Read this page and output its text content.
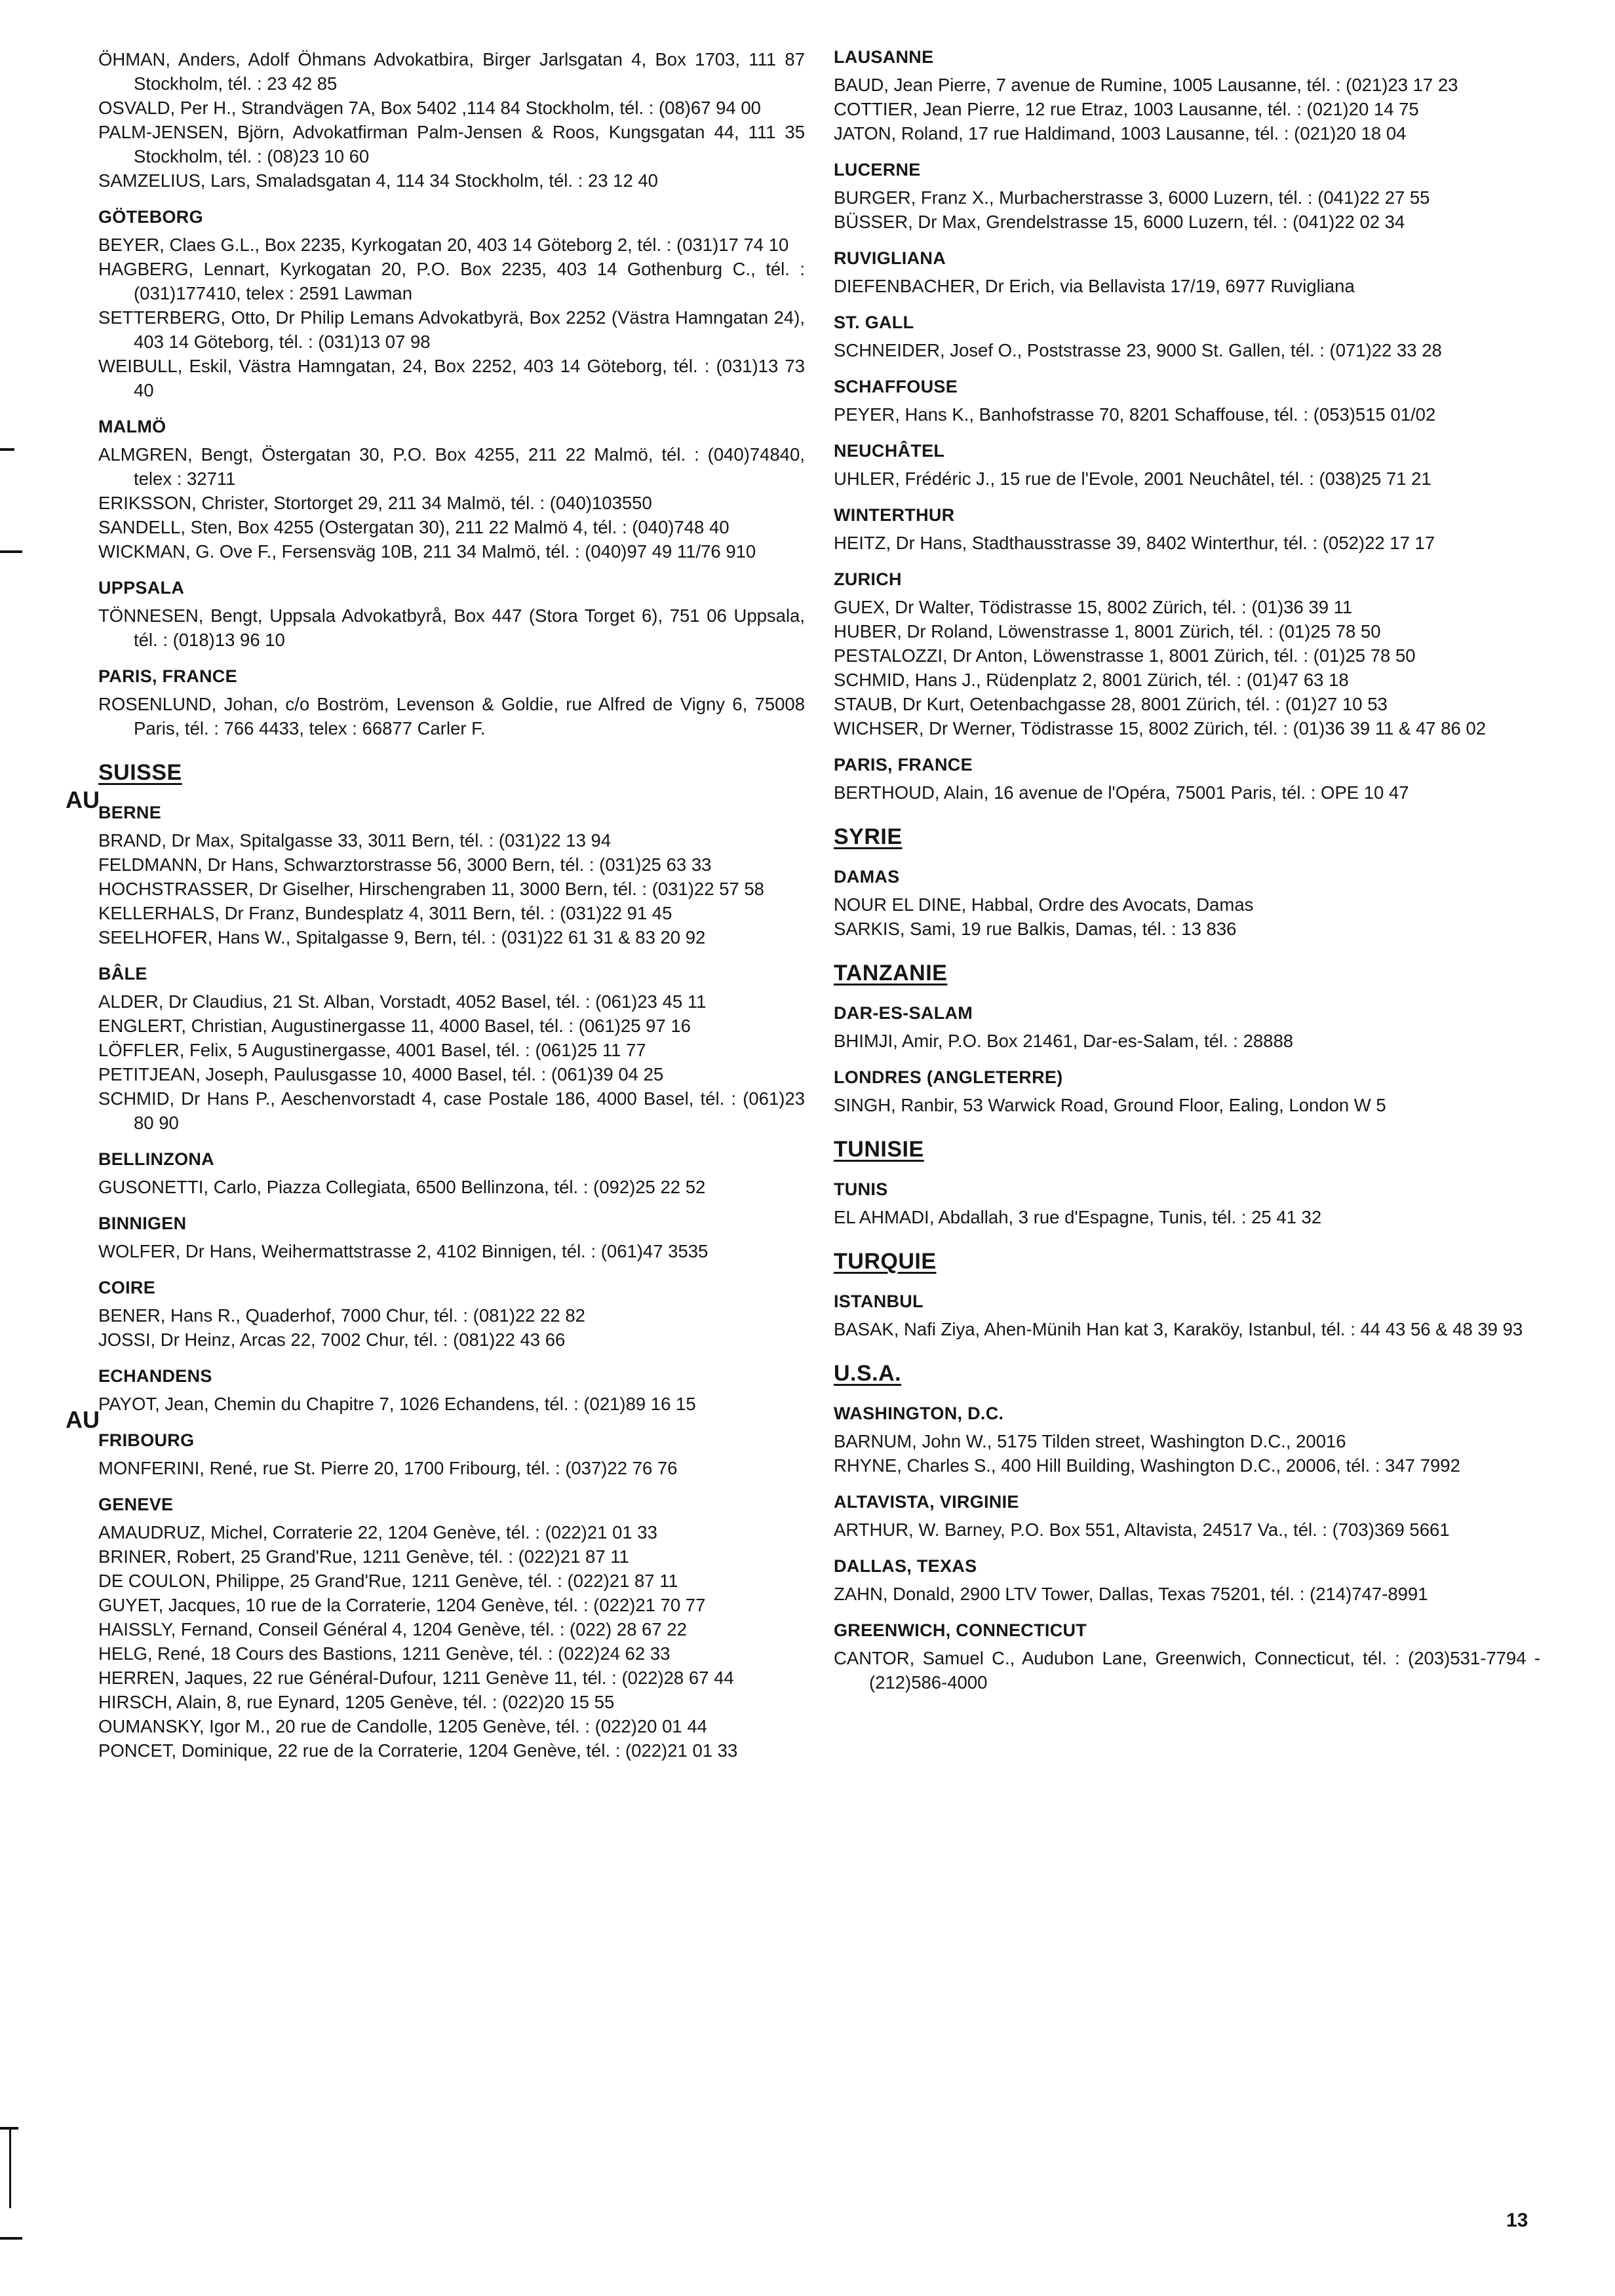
ÖHMAN, Anders, Adolf Öhmans Advokatbira, Birger Jarlsgatan 4, Box 1703, 111 87 Stockholm, tél. : 23 42 85
OSVALD, Per H., Strandvägen 7A, Box 5402 ,114 84 Stockholm, tél. : (08)67 94 00
PALM-JENSEN, Björn, Advokatfirman Palm-Jensen & Roos, Kungsgatan 44, 111 35 Stockholm, tél. : (08)23 10 60
SAMZELIUS, Lars, Smaladsgatan 4, 114 34 Stockholm, tél. : 23 12 40
GÖTEBORG
BEYER, Claes G.L., Box 2235, Kyrkogatan 20, 403 14 Göteborg 2, tél. : (031)17 74 10
HAGBERG, Lennart, Kyrkogatan 20, P.O. Box 2235, 403 14 Gothenburg C., tél. : (031)177410, telex : 2591 Lawman
SETTERBERG, Otto, Dr Philip Lemans Advokatbyrä, Box 2252 (Västra Hamngatan 24), 403 14 Göteborg, tél. : (031)13 07 98
WEIBULL, Eskil, Västra Hamngatan, 24, Box 2252, 403 14 Göteborg, tél. : (031)13 73 40
MALMÖ
ALMGREN, Bengt, Östergatan 30, P.O. Box 4255, 211 22 Malmö, tél. : (040)74840, telex : 32711
ERIKSSON, Christer, Stortorget 29, 211 34 Malmö, tél. : (040)103550
SANDELL, Sten, Box 4255 (Ostergatan 30), 211 22 Malmö 4, tél. : (040)748 40
WICKMAN, G. Ove F., Fersensväg 10B, 211 34 Malmö, tél. : (040)97 49 11/76 910
UPPSALA
TÖNNESEN, Bengt, Uppsala Advokatbyrå, Box 447 (Stora Torget 6), 751 06 Uppsala, tél. : (018)13 96 10
PARIS, FRANCE
ROSENLUND, Johan, c/o Boström, Levenson & Goldie, rue Alfred de Vigny 6, 75008 Paris, tél. : 766 4433, telex : 66877 Carler F.
SUISSE
BERNE
BRAND, Dr Max, Spitalgasse 33, 3011 Bern, tél. : (031)22 13 94
FELDMANN, Dr Hans, Schwarztorstrasse 56, 3000 Bern, tél. : (031)25 63 33
HOCHSTRASSER, Dr Giselher, Hirschengraben 11, 3000 Bern, tél. : (031)22 57 58
KELLERHALS, Dr Franz, Bundesplatz 4, 3011 Bern, tél. : (031)22 91 45
SEELHOFER, Hans W., Spitalgasse 9, Bern, tél. : (031)22 61 31 & 83 20 92
BÂLE
ALDER, Dr Claudius, 21 St. Alban, Vorstadt, 4052 Basel, tél. : (061)23 45 11
ENGLERT, Christian, Augustinergasse 11, 4000 Basel, tél. : (061)25 97 16
LÖFFLER, Felix, 5 Augustinergasse, 4001 Basel, tél. : (061)25 11 77
PETITJEAN, Joseph, Paulusgasse 10, 4000 Basel, tél. : (061)39 04 25
SCHMID, Dr Hans P., Aeschenvorstadt 4, case Postale 186, 4000 Basel, tél. : (061)23 80 90
BELLINZONA
GUSONETTI, Carlo, Piazza Collegiata, 6500 Bellinzona, tél. : (092)25 22 52
BINNIGEN
WOLFER, Dr Hans, Weihermattstrasse 2, 4102 Binnigen, tél. : (061)47 3535
COIRE
BENER, Hans R., Quaderhof, 7000 Chur, tél. : (081)22 22 82
JOSSI, Dr Heinz, Arcas 22, 7002 Chur, tél. : (081)22 43 66
ECHANDENS
PAYOT, Jean, Chemin du Chapitre 7, 1026 Echandens, tél. : (021)89 16 15
FRIBOURG
MONFERINI, René, rue St. Pierre 20, 1700 Fribourg, tél. : (037)22 76 76
GENEVE
AMAUDRUZ, Michel, Corraterie 22, 1204 Genève, tél. : (022)21 01 33
BRINER, Robert, 25 Grand'Rue, 1211 Genève, tél. : (022)21 87 11
DE COULON, Philippe, 25 Grand'Rue, 1211 Genève, tél. : (022)21 87 11
GUYET, Jacques, 10 rue de la Corraterie, 1204 Genève, tél. : (022)21 70 77
HAISSLY, Fernand, Conseil Général 4, 1204 Genève, tél. : (022) 28 67 22
HELG, René, 18 Cours des Bastions, 1211 Genève, tél. : (022)24 62 33
HERREN, Jaques, 22 rue Général-Dufour, 1211 Genève 11, tél. : (022)28 67 44
HIRSCH, Alain, 8, rue Eynard, 1205 Genève, tél. : (022)20 15 55
OUMANSKY, Igor M., 20 rue de Candolle, 1205 Genève, tél. : (022)20 01 44
PONCET, Dominique, 22 rue de la Corraterie, 1204 Genève, tél. : (022)21 01 33
LAUSANNE
BAUD, Jean Pierre, 7 avenue de Rumine, 1005 Lausanne, tél. : (021)23 17 23
COTTIER, Jean Pierre, 12 rue Etraz, 1003 Lausanne, tél. : (021)20 14 75
JATON, Roland, 17 rue Haldimand, 1003 Lausanne, tél. : (021)20 18 04
LUCERNE
BURGER, Franz X., Murbacherstrasse 3, 6000 Luzern, tél. : (041)22 27 55
BÜSSER, Dr Max, Grendelstrasse 15, 6000 Luzern, tél. : (041)22 02 34
RUVIGLIANA
DIEFENBACHER, Dr Erich, via Bellavista 17/19, 6977 Ruvigliana
ST. GALL
SCHNEIDER, Josef O., Poststrasse 23, 9000 St. Gallen, tél. : (071)22 33 28
SCHAFFOUSE
PEYER, Hans K., Banhofstrasse 70, 8201 Schaffouse, tél. : (053)515 01/02
NEUCHÂTEL
UHLER, Frédéric J., 15 rue de l'Evole, 2001 Neuchâtel, tél. : (038)25 71 21
WINTERTHUR
HEITZ, Dr Hans, Stadthausstrasse 39, 8402 Winterthur, tél. : (052)22 17 17
ZURICH
GUEX, Dr Walter, Tödistrasse 15, 8002 Zürich, tél. : (01)36 39 11
HUBER, Dr Roland, Löwenstrasse 1, 8001 Zürich, tél. : (01)25 78 50
PESTALOZZI, Dr Anton, Löwenstrasse 1, 8001 Zürich, tél. : (01)25 78 50
SCHMID, Hans J., Rüdenplatz 2, 8001 Zürich, tél. : (01)47 63 18
STAUB, Dr Kurt, Oetenbachgasse 28, 8001 Zürich, tél. : (01)27 10 53
WICHSER, Dr Werner, Tödistrasse 15, 8002 Zürich, tél. : (01)36 39 11 & 47 86 02
PARIS, FRANCE
BERTHOUD, Alain, 16 avenue de l'Opéra, 75001 Paris, tél. : OPE 10 47
SYRIE
DAMAS
NOUR EL DINE, Habbal, Ordre des Avocats, Damas
SARKIS, Sami, 19 rue Balkis, Damas, tél. : 13 836
TANZANIE
DAR-ES-SALAM
BHIMJI, Amir, P.O. Box 21461, Dar-es-Salam, tél. : 28888
LONDRES (ANGLETERRE)
SINGH, Ranbir, 53 Warwick Road, Ground Floor, Ealing, London W 5
TUNISIE
TUNIS
EL AHMADI, Abdallah, 3 rue d'Espagne, Tunis, tél. : 25 41 32
TURQUIE
ISTANBUL
BASAK, Nafi Ziya, Ahen-Münih Han kat 3, Karaköy, Istanbul, tél. : 44 43 56 & 48 39 93
U.S.A.
WASHINGTON, D.C.
BARNUM, John W., 5175 Tilden street, Washington D.C., 20016
RHYNE, Charles S., 400 Hill Building, Washington D.C., 20006, tél. : 347 7992
ALTAVISTA, VIRGINIE
ARTHUR, W. Barney, P.O. Box 551, Altavista, 24517 Va., tél. : (703)369 5661
DALLAS, TEXAS
ZAHN, Donald, 2900 LTV Tower, Dallas, Texas 75201, tél. : (214)747-8991
GREENWICH, CONNECTICUT
CANTOR, Samuel C., Audubon Lane, Greenwich, Connecticut, tél. : (203)531-7794 - (212)586-4000
13
AU
AU
